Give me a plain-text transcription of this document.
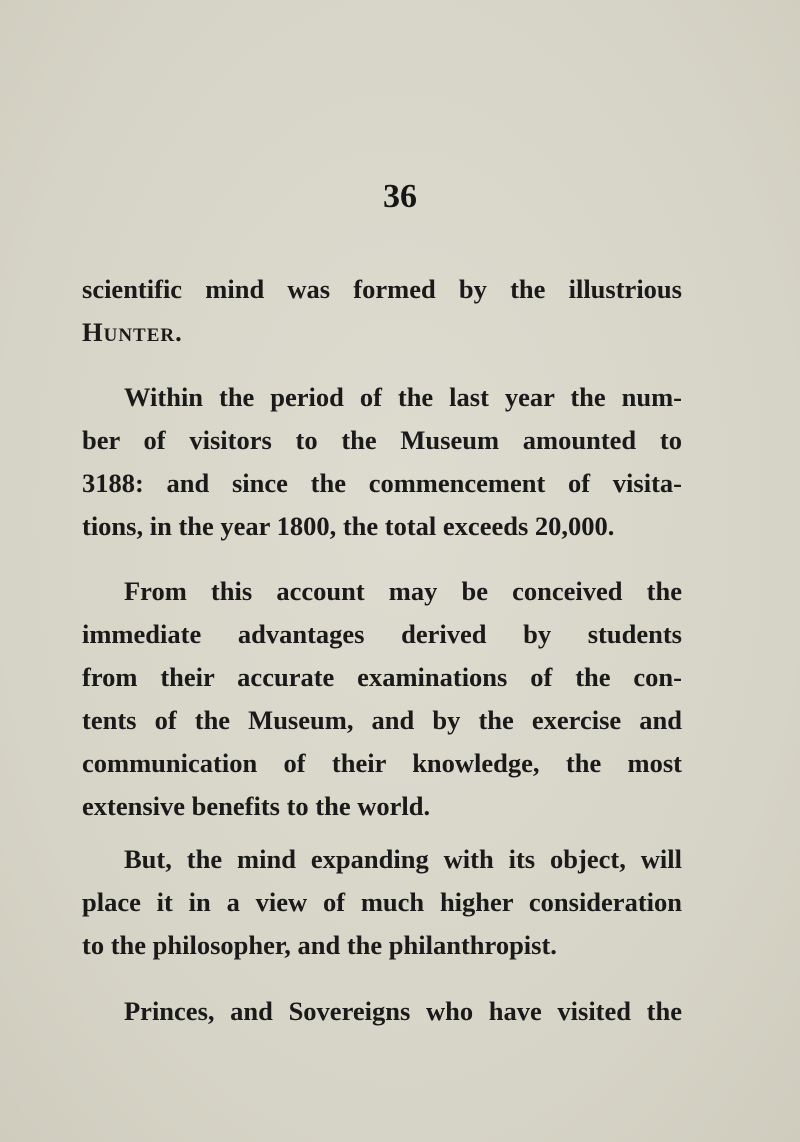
36
scientific mind was formed by the illustrious
Hunter.
Within the period of the last year the num-
ber of visitors to the Museum amounted to
3188: and since the commencement of visita-
tions, in the year 1800, the total exceeds 20,000.
From this account may be conceived the
immediate advantages derived by students
from their accurate examinations of the con-
tents of the Museum, and by the exercise and
communication of their knowledge, the most
extensive benefits to the world.
But, the mind expanding with its object, will
place it in a view of much higher consideration
to the philosopher, and the philanthropist.
Princes, and Sovereigns who have visited the
